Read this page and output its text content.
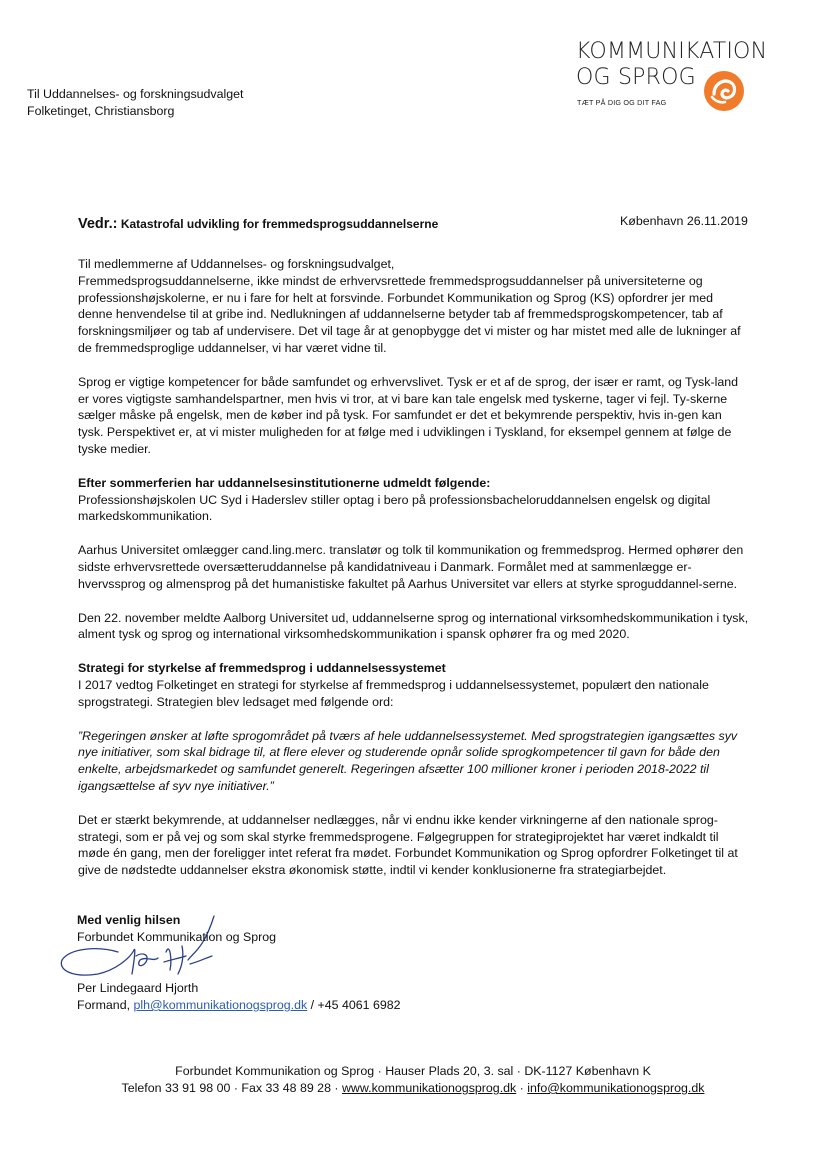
Til Uddannelses- og forskningsudvalget
Folketinget, Christiansborg
KOMMUNIKATION
OG SPROG
TÆT PÅ DIG OG DIT FAG
Vedr.: Katastrofal udvikling for fremmedsprogsuddannelserne	København 26.11.2019

Til medlemmerne af Uddannelses- og forskningsudvalget,
Fremmedsprogsuddannelserne, ikke mindst de erhvervsrettede fremmedsprogsuddannelser på universiteterne og professionshøjskolerne, er nu i fare for helt at forsvinde. Forbundet Kommunikation og Sprog (KS) opfordrer jer med denne henvendelse til at gribe ind. Nedlukningen af uddannelserne betyder tab af fremmedsprogskompetencer, tab af forskningsmiljøer og tab af undervisere. Det vil tage år at genopbygge det vi mister og har mistet med alle de lukninger af de fremmedsproglige uddannelser, vi har været vidne til.

Sprog er vigtige kompetencer for både samfundet og erhvervslivet. Tysk er et af de sprog, der især er ramt, og Tysk-land er vores vigtigste samhandelspartner, men hvis vi tror, at vi bare kan tale engelsk med tyskerne, tager vi fejl. Ty-skerne sælger måske på engelsk, men de køber ind på tysk. For samfundet er det et bekymrende perspektiv, hvis in-gen kan tysk. Perspektivet er, at vi mister muligheden for at følge med i udviklingen i Tyskland, for eksempel gennem at følge de tyske medier.

Efter sommerferien har uddannelsesinstitutionerne udmeldt følgende:

Professionshøjskolen UC Syd i Haderslev stiller optag i bero på professionsbacheloruddannelsen engelsk og digital markedskommunikation.

Aarhus Universitet omlægger cand.ling.merc. translatør og tolk til kommunikation og fremmedsprog. Hermed ophører den sidste erhvervsrettede oversætteruddannelse på kandidatniveau i Danmark. Formålet med at sammenlægge er-hvervssprog og almensprog på det humanistiske fakultet på Aarhus Universitet var ellers at styrke sproguddannel-serne.

Den 22. november meldte Aalborg Universitet ud, uddannelserne sprog og international virksomhedskommunikation i tysk, alment tysk og sprog og international virksomhedskommunikation i spansk ophører fra og med 2020.

Strategi for styrkelse af fremmedsprog i uddannelsessystemet

I 2017 vedtog Folketinget en strategi for styrkelse af fremmedsprog i uddannelsessystemet, populært den nationale sprogstrategi. Strategien blev ledsaget med følgende ord:

”Regeringen ønsker at løfte sprogområdet på tværs af hele uddannelsessystemet. Med sprogstrategien igangsættes syv nye initiativer, som skal bidrage til, at flere elever og studerende opnår solide sprogkompetencer til gavn for både den enkelte, arbejdsmarkedet og samfundet generelt. Regeringen afsætter 100 millioner kroner i perioden 2018-2022 til igangsættelse af syv nye initiativer.”

Det er stærkt bekymrende, at uddannelser nedlægges, når vi endnu ikke kender virkningerne af den nationale sprog-strategi, som er på vej og som skal styrke fremmedsprogene. Følgegruppen for strategiprojektet har været indkaldt til møde én gang, men der foreligger intet referat fra mødet. Forbundet Kommunikation og Sprog opfordrer Folketinget til at give de nødstedte uddannelser ekstra økonomisk støtte, indtil vi kender konklusionerne fra strategiarbejdet.

Med venlig hilsen
Forbundet Kommunikation og Sprog
Per Lindegaard Hjorth
Formand, plh@kommunikationogsprog.dk / +45 4061 6982
Forbundet Kommunikation og Sprog · Hauser Plads 20, 3. sal · DK-1127 København K
Telefon 33 91 98 00 · Fax 33 48 89 28 · www.kommunikationogsprog.dk · info@kommunikationogsprog.dk
